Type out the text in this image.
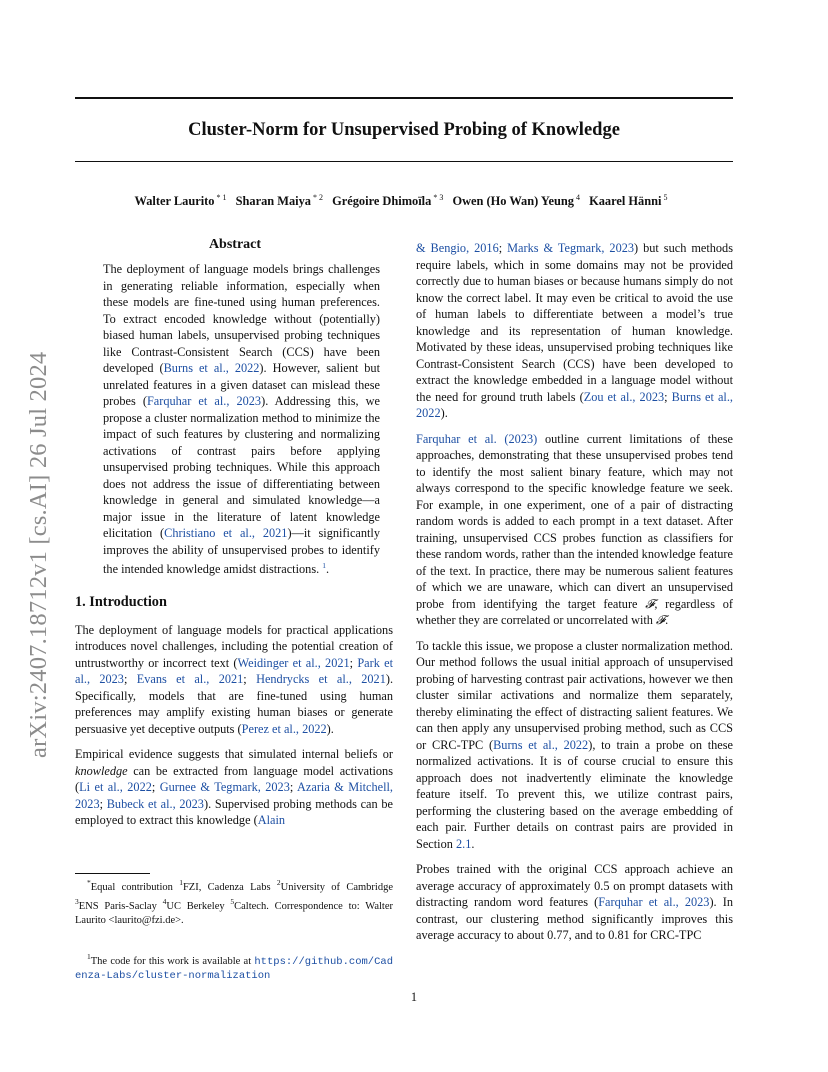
arXiv:2407.18712v1 [cs.AI] 26 Jul 2024
Cluster-Norm for Unsupervised Probing of Knowledge
Walter Laurito $^{* 1}$ Sharan Maiya $^{* 2}$ Grégoire Dhimoïla $^{* 3}$ Owen (Ho Wan) Yeung $^4$ Kaarel Hänni $^5$
Abstract
The deployment of language models brings challenges in generating reliable information, especially when these models are fine-tuned using human preferences. To extract encoded knowledge without (potentially) biased human labels, unsupervised probing techniques like Contrast-Consistent Search (CCS) have been developed (Burns et al., 2022). However, salient but unrelated features in a given dataset can mislead these probes (Farquhar et al., 2023). Addressing this, we propose a cluster normalization method to minimize the impact of such features by clustering and normalizing activations of contrast pairs before applying unsupervised probing techniques. While this approach does not address the issue of differentiating between knowledge in general and simulated knowledge—a major issue in the literature of latent knowledge elicitation (Christiano et al., 2021)—it significantly improves the ability of unsupervised probes to identify the intended knowledge amidst distractions. $^1$.
1. Introduction

The deployment of language models for practical applications introduces novel challenges, including the potential creation of untrustworthy or incorrect text (Weidinger et al., 2021; Park et al., 2023; Evans et al., 2021; Hendrycks et al., 2021). Specifically, models that are fine-tuned using human preferences may amplify existing human biases or generate persuasive yet deceptive outputs (Perez et al., 2022).

Empirical evidence suggests that simulated internal beliefs or knowledge can be extracted from language model activations (Li et al., 2022; Gurnee & Tegmark, 2023; Azaria & Mitchell, 2023; Bubeck et al., 2023). Supervised probing methods can be employed to extract this knowledge (Alain

*Equal contribution $^1$FZI, Cadenza Labs $^2$University of Cambridge $^3$ENS Paris-Saclay $^4$UC Berkeley $^5$Caltech. Correspondence to: Walter Laurito <laurito@fzi.de>.

$^1$The code for this work is available at https://github.com/Cadenza-Labs/cluster-normalization

& Bengio, 2016; Marks & Tegmark, 2023) but such methods require labels, which in some domains may not be provided correctly due to human biases or because humans simply do not know the correct label. It may even be critical to avoid the use of human labels to differentiate between a model’s true knowledge and its representation of human knowledge. Motivated by these ideas, unsupervised probing techniques like Contrast-Consistent Search (CCS) have been developed to extract the knowledge embedded in a language model without the need for ground truth labels (Zou et al., 2023; Burns et al., 2022).

Farquhar et al. (2023) outline current limitations of these approaches, demonstrating that these unsupervised probes tend to identify the most salient binary feature, which may not always correspond to the specific knowledge feature we seek. For example, in one experiment, one of a pair of distracting random words is added to each prompt in a text dataset. After training, unsupervised CCS probes function as classifiers for these random words, rather than the intended knowledge feature of the text. In practice, there may be numerous salient features of which we are unaware, which can divert an unsupervised probe from identifying the target feature 𝓕, regardless of whether they are correlated or uncorrelated with 𝓕.

To tackle this issue, we propose a cluster normalization method. Our method follows the usual initial approach of unsupervised probing of harvesting contrast pair activations, however we then cluster similar activations and normalize them separately, thereby eliminating the effect of distracting salient features. We can then apply any unsupervised probing method, such as CCS or CRC-TPC (Burns et al., 2022), to train a probe on these normalized activations. It is of course crucial to ensure this approach does not inadvertently eliminate the knowledge feature itself. To prevent this, we utilize contrast pairs, performing the clustering based on the average embedding of each pair. Further details on contrast pairs are provided in Section 2.1.

Probes trained with the original CCS approach achieve an average accuracy of approximately 0.5 on prompt datasets with distracting random word features (Farquhar et al., 2023). In contrast, our clustering method significantly improves this average accuracy to about 0.77, and to 0.81 for CRC-TPC

1
